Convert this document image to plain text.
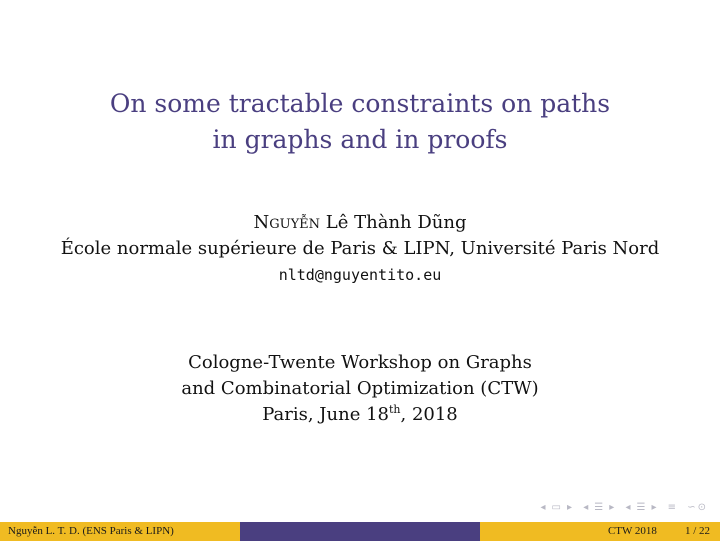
On some tractable constraints on paths
in graphs and in proofs
Nguyễn Lê Thành Dũng
École normale supérieure de Paris & LIPN, Université Paris Nord
nltd@nguyentito.eu
Cologne-Twente Workshop on Graphs
and Combinatorial Optimization (CTW)
Paris, June 18th, 2018
◂ ▭ ▸ ◂ ☰ ▸ ◂ ☰ ▸ ≡ ∽⊙
Nguyễn L. T. D. (ENS Paris & LIPN)	CTW 2018	1 / 22
